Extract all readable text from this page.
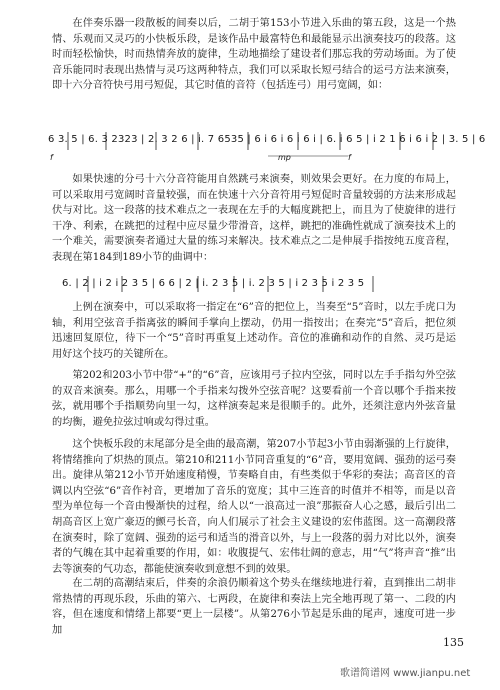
在伴奏乐器一段散板的间奏以后，二胡于第153小节进入乐曲的第五段，这是一个热情、乐观而又灵巧的小快板乐段，是该作品中最富特色和最能显示出演奏技巧的段落。这时而轻松愉快，时而热情奔放的旋律，生动地描绘了建设者们那忘我的劳动场面。为了使音乐能同时表现出热情与灵巧这两种特点，我们可以采取长短弓结合的运弓方法来演奏，即十六分音符快弓用弓短促，其它时值的音符（包括连弓）用弓宽阔，如：

6 3. 5 | 6. 3 2323 | 2. 3 2 6 | i. 7 6535 | 6 i 6 i 6 i 6 i | 6. i 6 5 | i 2 1 6 i 6 i 2 | 3. 5 | 6
f	mp	f

如果快速的分弓十六分音符能用自然跳弓来演奏，则效果会更好。在力度的布局上，可以采取用弓宽阔时音量较强，而在快速十六分音符用弓短促时音量较弱的方法来形成起伏与对比。这一段落的技术难点之一表现在左手的大幅度跳把上，而且为了使旋律的进行干净、利索，在跳把的过程中应尽量少带滑音，这样，跳把的准确性就成了演奏技术上的一个难关，需要演奏者通过大量的练习来解决。技术难点之二是伸展手指按纯五度音程，表现在第184到189小节的曲调中：

6. | 2 | i 2 i 2 3 5 | 6 6 | 2 | i. 2 3 5 | i. 2 3 5 | i 2 3 5 i 2 3 5

上例在演奏中，可以采取将一指定在“6”音的把位上，当奏至“5”音时，以左手虎口为轴，利用空弦音手指离弦的瞬间手掌向上摆动，仍用一指按出；在奏完“5”音后，把位须迅速回复原位，待下一个“5”音时再重复上述动作。音位的准确和动作的自然、灵巧是运用好这个技巧的关键所在。

第202和203小节中带“+”的“6”音，应该用弓子拉内空弦，同时以左手手指勾外空弦的双音来演奏。那么，用哪一个手指来勾拨外空弦音呢？这要看前一个音以哪个手指来按弦，就用哪个手指顺势向里一勾，这样演奏起来是很顺手的。此外，还须注意内外弦音量的均衡，避免拉弦过响或勾得过重。

这个快板乐段的末尾部分是全曲的最高潮，第207小节起3小节由弱渐强的上行旋律，将情绪推向了炽热的顶点。第210和211小节同音重复的“6”音，要用宽阔、强劲的运弓奏出。旋律从第212小节开始速度稍慢，节奏略自由，有些类似于华彩的奏法；高音区的音调以内空弦“6”音作衬音，更增加了音乐的宽度；其中三连音的时值并不相等，而是以音型为单位每一个音由慢渐快的过程，给人以“一浪高过一浪”那振奋人心之感，最后引出二胡高音区上宽广豪迈的颤弓长音，向人们展示了社会主义建设的宏伟蓝图。这一高潮段落在演奏时，除了宽阔、强劲的运弓和适当的滑音以外，与上一段落的弱力对比以外，演奏者的气魄在其中起着重要的作用，如：收腹提气、宏伟壮阔的意志，用“气”将声音“推”出去等演奏的气功态，都能使演奏收到意想不到的效果。

在二胡的高潮结束后，伴奏的余浪仍顺着这个势头在继续地进行着，直到推出二胡非常热情的再现乐段，乐曲的第六、七两段，在旋律和奏法上完全地再现了第一、二段的内容，但在速度和情绪上都要“更上一层楼”。从第276小节起是乐曲的尾声，速度可进一步加

135
歌谱简谱网 www.jianpu.net
